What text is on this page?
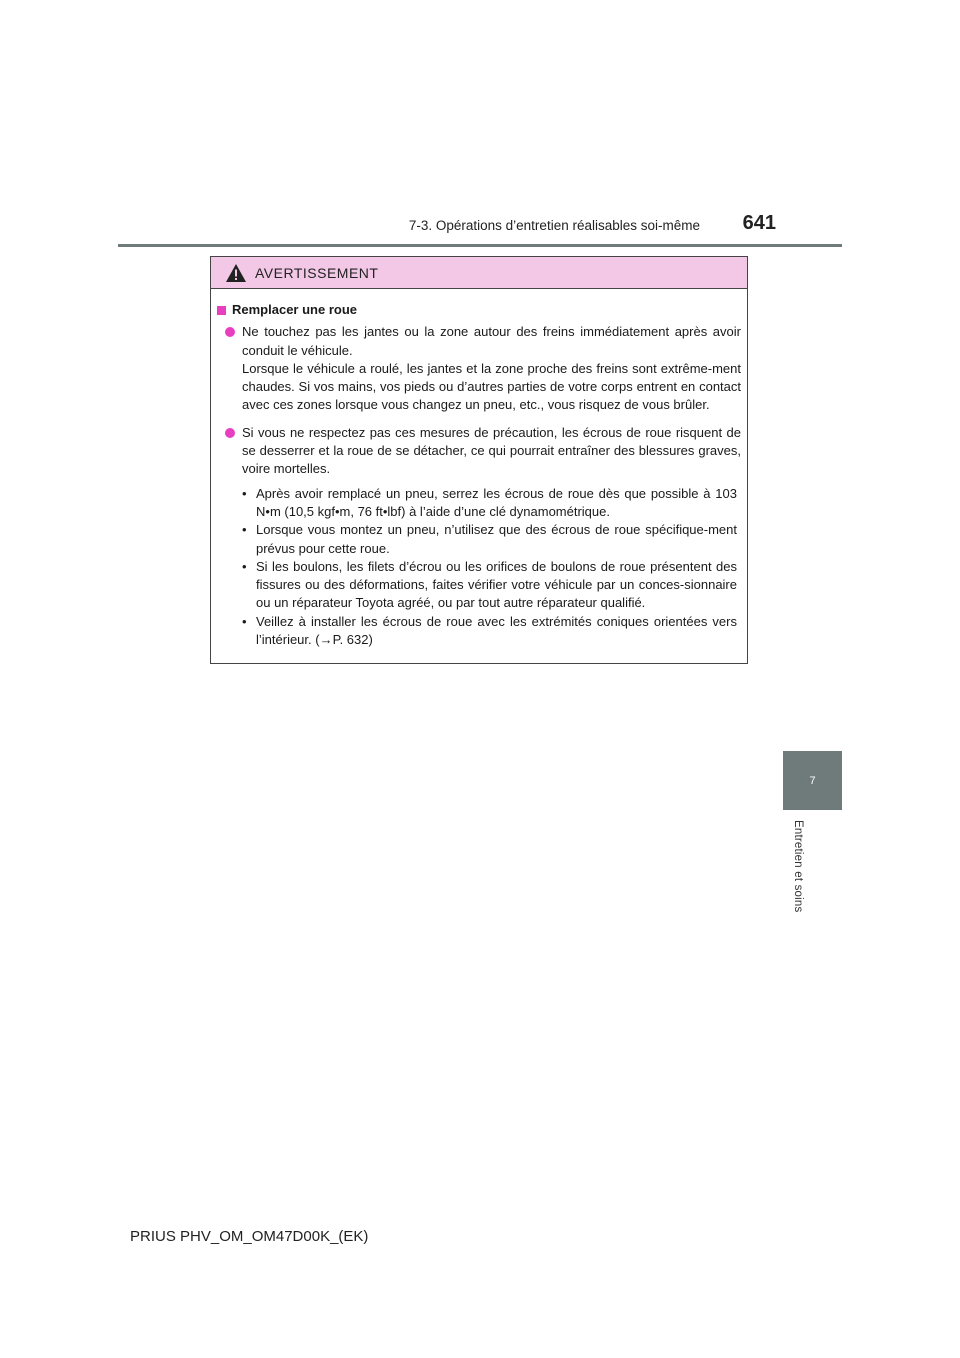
7-3. Opérations d’entretien réalisables soi-même	641
7
Entretien et soins
AVERTISSEMENT
Remplacer une roue

Ne touchez pas les jantes ou la zone autour des freins immédiatement après avoir conduit le véhicule.

Lorsque le véhicule a roulé, les jantes et la zone proche des freins sont extrême-ment chaudes. Si vos mains, vos pieds ou d’autres parties de votre corps entrent en contact avec ces zones lorsque vous changez un pneu, etc., vous risquez de vous brûler.

Si vous ne respectez pas ces mesures de précaution, les écrous de roue risquent de se desserrer et la roue de se détacher, ce qui pourrait entraîner des blessures graves, voire mortelles.

• Après avoir remplacé un pneu, serrez les écrous de roue dès que possible à 103 N•m (10,5 kgf•m, 76 ft•lbf) à l’aide d’une clé dynamométrique.
• Lorsque vous montez un pneu, n’utilisez que des écrous de roue spécifique-ment prévus pour cette roue.
• Si les boulons, les filets d’écrou ou les orifices de boulons de roue présentent des fissures ou des déformations, faites vérifier votre véhicule par un conces-sionnaire ou un réparateur Toyota agréé, ou par tout autre réparateur qualifié.
• Veillez à installer les écrous de roue avec les extrémités coniques orientées vers l’intérieur. (→P. 632)
PRIUS PHV_OM_OM47D00K_(EK)
